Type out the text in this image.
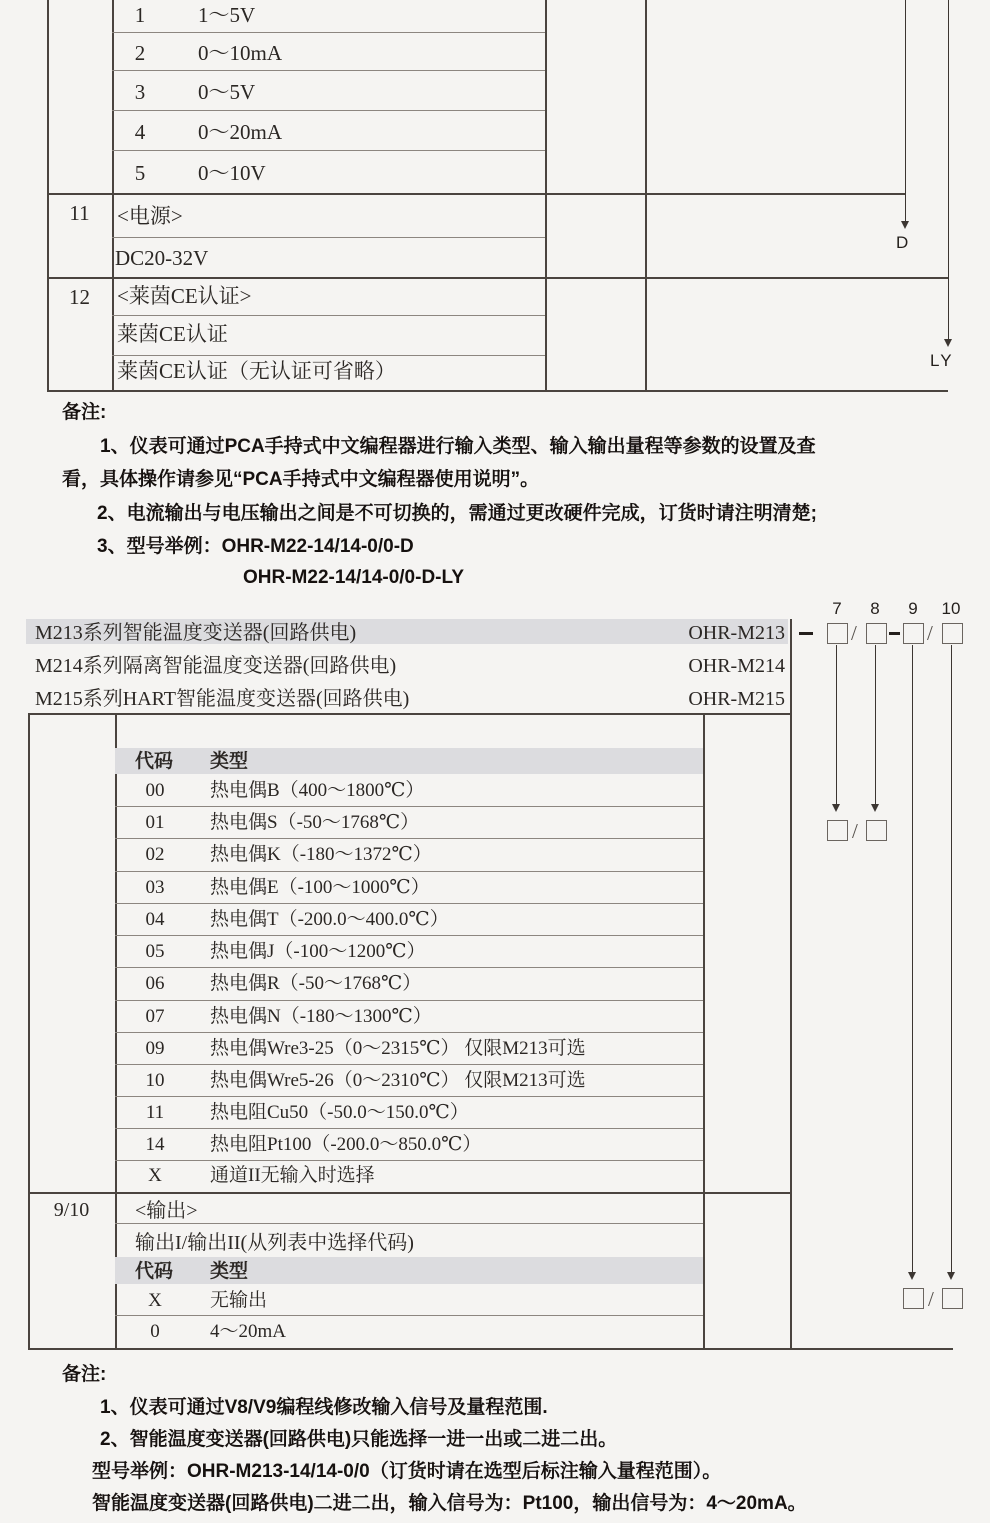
1	1～5V
2	0～10mA
3	0～5V
4	0～20mA
5	0～10V
11	<电源>
DC20-32V
12	<莱茵CE认证>
莱茵CE认证
莱茵CE认证（无认证可省略）
D
LY
备注:
1、仪表可通过PCA手持式中文编程器进行输入类型、输入输出量程等参数的设置及查
看，具体操作请参见“PCA手持式中文编程器使用说明”。
2、电流输出与电压输出之间是不可切换的，需通过更改硬件完成，订货时请注明清楚;
3、型号举例：OHR-M22-14/14-0/0-D
OHR-M22-14/14-0/0-D-LY
M213系列智能温度变送器(回路供电)	OHR-M213
M214系列隔离智能温度变送器(回路供电)	OHR-M214
M215系列HART智能温度变送器(回路供电)	OHR-M215
7 8 9 10
/	/
/
/
代码 类型
00	热电偶B（400～1800℃）
01	热电偶S（-50～1768℃）
02	热电偶K（-180～1372℃）
03	热电偶E（-100～1000℃）
04	热电偶T（-200.0～400.0℃）
05	热电偶J（-100～1200℃）
06	热电偶R（-50～1768℃）
07	热电偶N（-180～1300℃）
09	热电偶Wre3-25（0～2315℃） 仅限M213可选
10	热电偶Wre5-26（0～2310℃） 仅限M213可选
11	热电阻Cu50（-50.0～150.0℃）
14	热电阻Pt100（-200.0～850.0℃）
X	通道II无输入时选择
9/10	<输出>
输出I/输出II(从列表中选择代码)
代码 类型
X	无输出
0	4～20mA
备注:
1、仪表可通过V8/V9编程线修改输入信号及量程范围.
2、智能温度变送器(回路供电)只能选择一进一出或二进二出。
型号举例：OHR-M213-14/14-0/0（订货时请在选型后标注输入量程范围）。
智能温度变送器(回路供电)二进二出，输入信号为：Pt100，输出信号为：4～20mA。
